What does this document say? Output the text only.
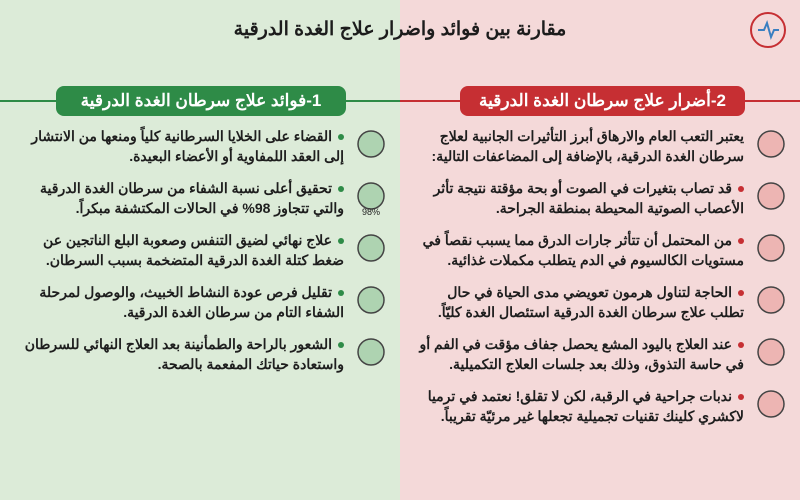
مقارنة بين فوائد واضرار علاج الغدة الدرقية
1-فوائد علاج سرطان الغدة الدرقية	2-أضرار علاج سرطان الغدة الدرقية
القضاء على الخلايا السرطانية كلياً ومنعها من الانتشار إلى العقد اللمفاوية أو الأعضاء البعيدة.
98%
تحقيق أعلى نسبة الشفاء من سرطان الغدة الدرقية والتي تتجاوز 98% في الحالات المكتشفة مبكراً.
علاج نهائي لضيق التنفس وصعوبة البلع الناتجين عن ضغط كتلة الغدة الدرقية المتضخمة بسبب السرطان.
تقليل فرص عودة النشاط الخبيث، والوصول لمرحلة الشفاء التام من سرطان الغدة الدرقية.
الشعور بالراحة والطمأنينة بعد العلاج النهائي للسرطان واستعادة حياتك المفعمة بالصحة.
يعتبر التعب العام والارهاق أبرز التأثيرات الجانبية لعلاج سرطان الغدة الدرقية، بالإضافة إلى المضاعفات التالية:
قد تصاب بتغيرات في الصوت أو بحة مؤقتة نتيجة تأثر الأعصاب الصوتية المحيطة بمنطقة الجراحة.
من المحتمل أن تتأثر جارات الدرق مما يسبب نقصاً في مستويات الكالسيوم في الدم يتطلب مكملات غذائية.
الحاجة لتناول هرمون تعويضي مدى الحياة في حال تطلب علاج سرطان الغدة الدرقية استئصال الغدة كليّاً.
عند العلاج باليود المشع يحصل جفاف مؤقت في الفم أو في حاسة التذوق، وذلك بعد جلسات العلاج التكميلية.
ندبات جراحية في الرقبة، لكن لا تقلق! نعتمد في ترميا لاكشري كلينك تقنيات تجميلية تجعلها غير مرئيّة تقريباً.
